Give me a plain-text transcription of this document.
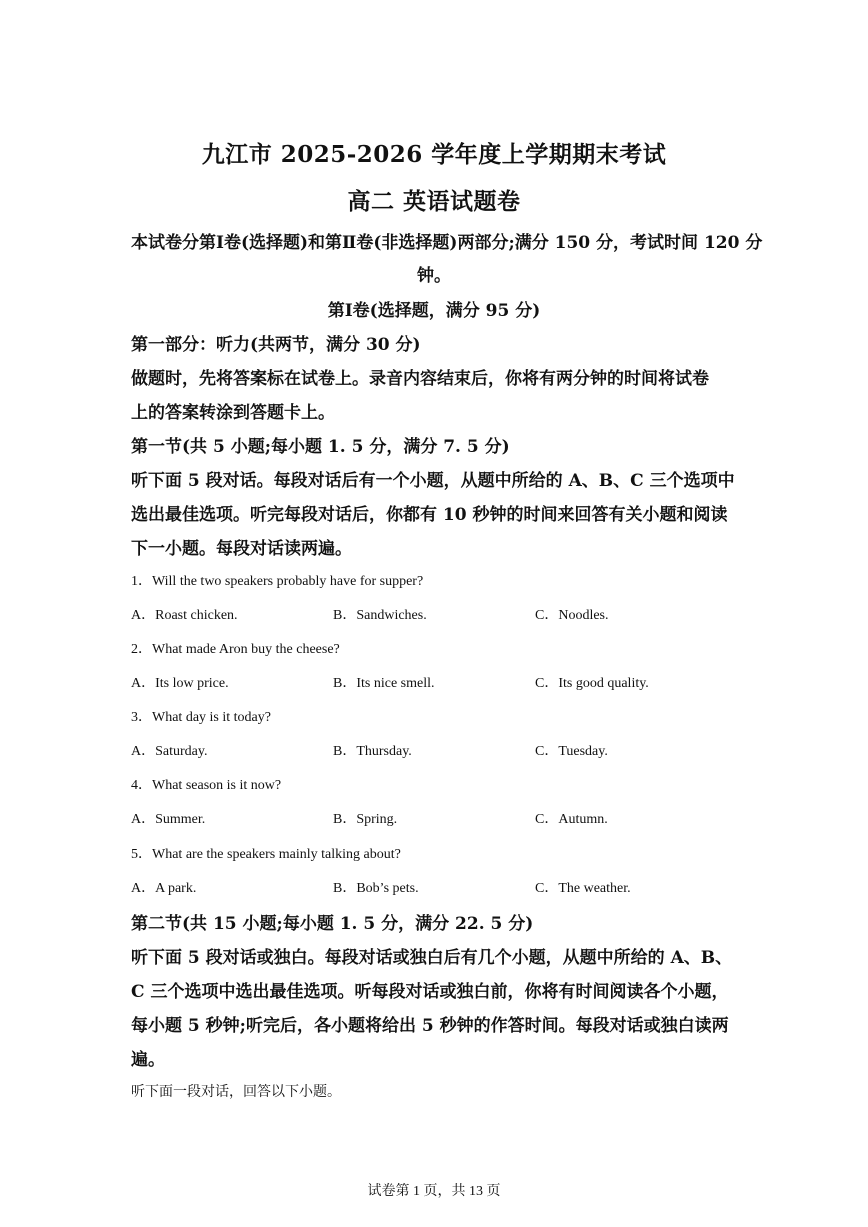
九江市 2025-2026 学年度上学期期末考试
高二 英语试题卷
本试卷分第Ⅰ卷(选择题)和第Ⅱ卷(非选择题)两部分;满分 150 分，考试时间 120 分
钟。
第Ⅰ卷(选择题，满分 95 分)
第一部分：听力(共两节，满分 30 分)
做题时，先将答案标在试卷上。录音内容结束后，你将有两分钟的时间将试卷
上的答案转涂到答题卡上。
第一节(共 5 小题;每小题 1. 5 分，满分 7. 5 分)
听下面 5 段对话。每段对话后有一个小题，从题中所给的 A、B、C 三个选项中
选出最佳选项。听完每段对话后，你都有 10 秒钟的时间来回答有关小题和阅读
下一小题。每段对话读两遍。
1．Will the two speakers probably have for supper?
A．Roast chicken.	B．Sandwiches.	C．Noodles.
2．What made Aron buy the cheese?
A．Its low price.	B．Its nice smell.	C．Its good quality.
3．What day is it today?
A．Saturday.	B．Thursday.	C．Tuesday.
4．What season is it now?
A．Summer.	B．Spring.	C．Autumn.
5．What are the speakers mainly talking about?
A．A park.	B．Bob’s pets.	C．The weather.
第二节(共 15 小题;每小题 1. 5 分，满分 22. 5 分)
听下面 5 段对话或独白。每段对话或独白后有几个小题，从题中所给的 A、B、
C 三个选项中选出最佳选项。听每段对话或独白前，你将有时间阅读各个小题，
每小题 5 秒钟;听完后，各小题将给出 5 秒钟的作答时间。每段对话或独白读两
遍。
听下面一段对话，回答以下小题。
试卷第 1 页，共 13 页
